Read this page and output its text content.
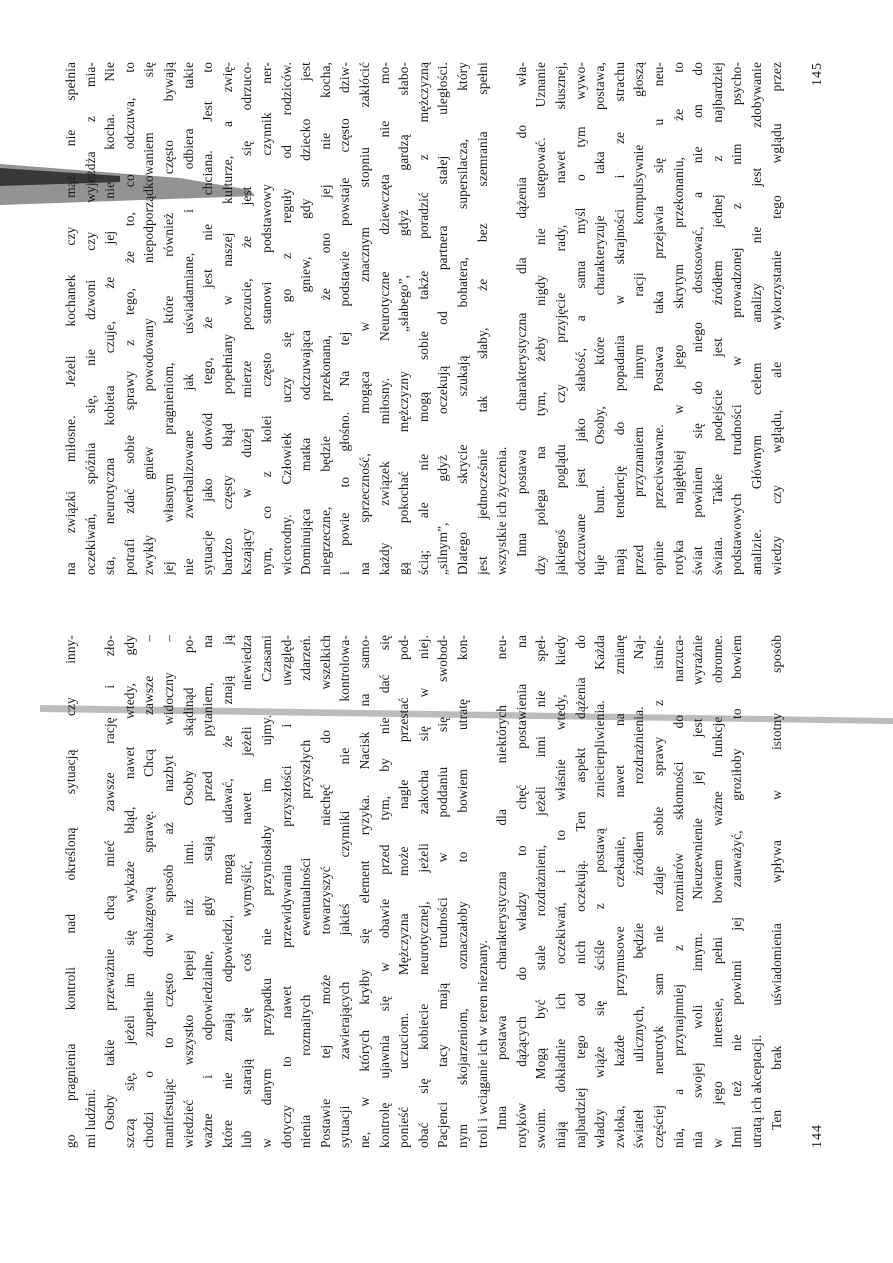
go pragnienia kontroli nad określoną sytuacją czy inny- mi ludźmi. Osoby takie przeważnie chcą mieć zawsze rację i zło- szczą się, jeżeli im się wykaże błąd, nawet wtedy, gdy chodzi o zupełnie drobiazgową sprawę. Chcą zawsze – manifestując to często w sposób aż nazbyt widoczny – wiedzieć wszystko lepiej niż inni. Osoby skądinąd po- ważne i odpowiedzialne, gdy stają przed pytaniem, na które nie znają odpowiedzi, mogą udawać, że znają ją lub starają się coś wymyślić, nawet jeżeli niewiedza w danym przypadku nie przyniosłaby im ujmy. Czasami dotyczy to nawet przewidywania przyszłości i uwzględ- nienia rozmaitych ewentualności przyszłych zdarzeń. Postawie tej może towarzyszyć niechęć do wszelkich sytuacji zawierających jakieś czynniki nie kontrolowa- ne, w których kryłby się element ryzyka. Nacisk na samo- kontrolę ujawnia się w obawie przed tym, by nie dać się ponieść uczuciom. Mężczyzna może nagle przestać pod- obać się kobiecie neurotycznej, jeżeli zakocha się w niej. Pacjenci tacy mają trudności w poddaniu się swobod- nym skojarzeniom, oznaczałoby to bowiem utratę kon- troli i wciąganie ich w teren nieznany. Inna postawa charakterystyczna dla niektórych neu- rotyków dążących do władzy to chęć postawienia na swoim. Mogą być stale rozdrażnieni, jeżeli inni nie speł- niają dokładnie ich oczekiwań, i to właśnie wtedy, kiedy najbardziej tego od nich oczekują. Ten aspekt dążenia do władzy wiąże się ściśle z postawą zniecierpliwienia. Każda zwłoka, każde przymusowe czekanie, nawet na zmianę świateł ulicznych, będzie źródłem rozdrażnienia. Naj- częściej neurotyk sam nie zdaje sobie sprawy z istnie- nia, a przynajmniej z rozmiarów skłonności do narzuca- nia swojej woli innym. Nieuzewnienie jej jest wyrażnie w jego interesie, pełni bowiem ważne funkcje obronne. Inni też nie powinni jej zauważyć, groziłoby to bowiem utratą ich akceptacji. Ten brak uświadomienia wpływa w istotny sposób
144
na związki miłosne. Jeżeli kochanek czy mąż nie spełnia oczekiwań, spóźnia się, nie dzwoni czy wyjeżdża z mia- sta, neurotyczna kobieta czuje, że jej nie kocha. Nie potrafi zdać sobie sprawy z tego, że to, co odczuwa, to zwykły gniew powodowany niepodporządkowaniem się jej własnym pragnieniom, które również często bywają nie zwerbalizowane jak uświadamiane, i odbiera takie sytuacje jako dowód tego, że jest nie chciana. Jest to bardzo częsty błąd popełniany w naszej kulturze, a zwię- kszający w dużej mierze poczucie, że jest się odrzuco- nym, co z kolei często stanowi podstawowy czynnik ner- wicorodny. Człowiek uczy się go z reguły od rodziców. Dominująca matka odczuwająca gniew, gdy dziecko jest niegrzeczne, będzie przekonana, że ono jej nie kocha, i powie to głośno. Na tej podstawie powstaje często dziw- na sprzeczność, mogąca w znacznym stopniu zakłócić każdy związek miłosny. Neurotyczne dziewczęta nie mo- gą pokochać mężczyzny „słabego”, gdyż gardzą słabo- ścią; ale nie mogą sobie także poradzić z mężczyzną „silnym”, gdyż oczekują od partnera stałej uległości. Dlatego skrycie szukają bohatera, supersilacza, który jest jednocześnie tak słaby, że bez szemrania spełni wszystkie ich życzenia. Inna postawa charakterystyczna dla dążenia do wła- dzy polega na tym, żeby nigdy nie ustępować. Uznanie jakiegoś poglądu czy przyjęcie rady, nawet słusznej, odczuwane jest jako słabość, a sama myśl o tym wywo- łuje bunt. Osoby, które charakteryzuje taka postawa, mają tendencję do popadania w skrajności i ze strachu przed przyznaniem innym racji kompulsywnie głoszą opinie przeciwstawne. Postawa taka przejawia się u neu- rotyka najgłębiej w jego skrytym przekonaniu, że to świat powinien się do niego dostosować, a nie on do świata. Takie podejście jest źródłem jednej z najbardziej podstawowych trudności w prowadzonej z nim psycho- analizie. Głównym celem analizy nie jest zdobywanie wiedzy czy wglądu, ale wykorzystanie tego wglądu przez 145
